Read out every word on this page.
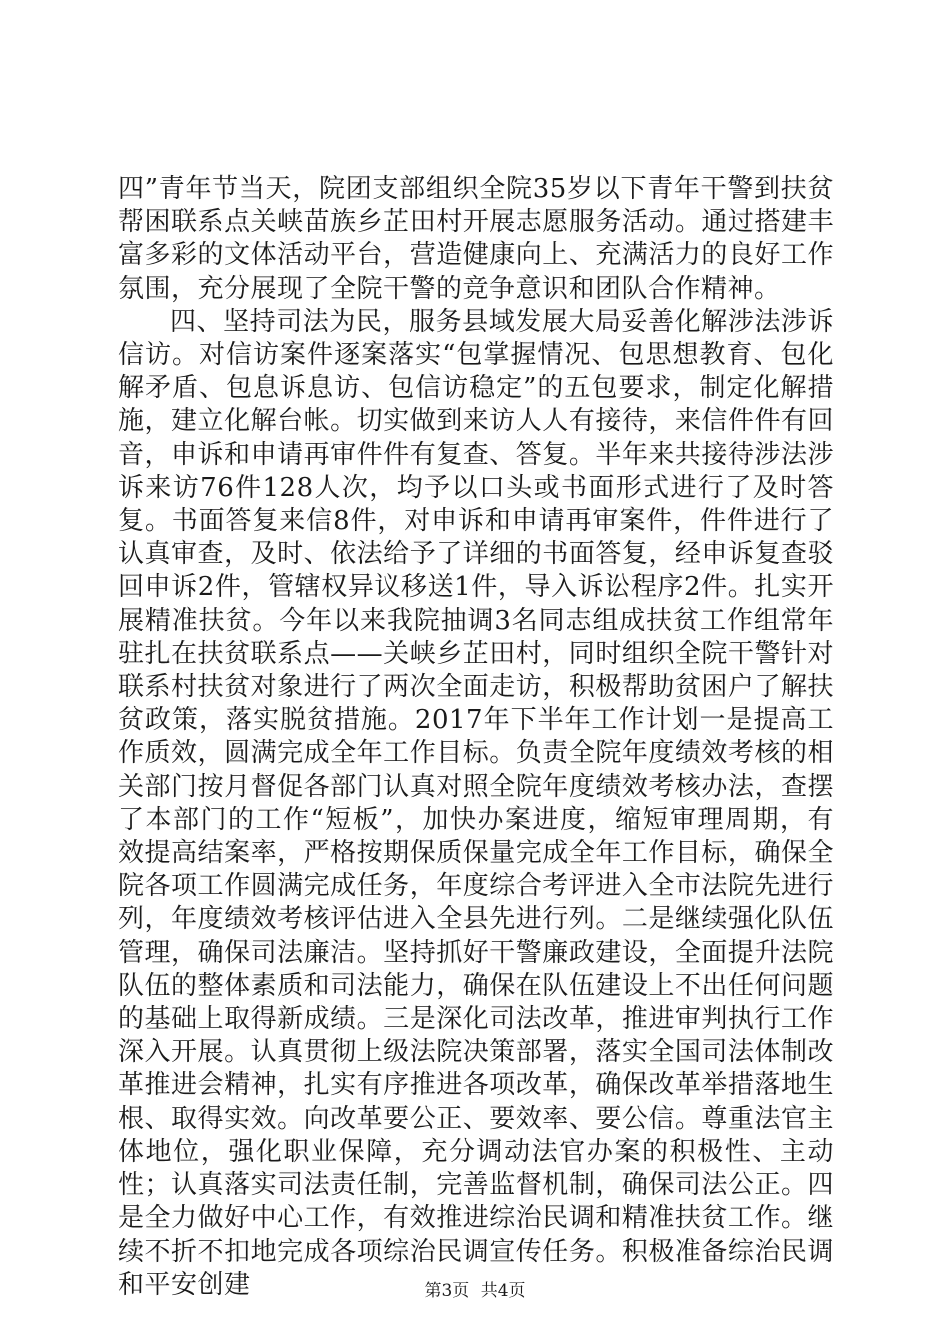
四”青年节当天，院团支部组织全院35岁以下青年干警到扶贫帮困联系点关峡苗族乡芷田村开展志愿服务活动。通过搭建丰富多彩的文体活动平台，营造健康向上、充满活力的良好工作氛围，充分展现了全院干警的竞争意识和团队合作精神。

四、坚持司法为民，服务县域发展大局妥善化解涉法涉诉信访。对信访案件逐案落实“包掌握情况、包思想教育、包化解矛盾、包息诉息访、包信访稳定”的五包要求，制定化解措施，建立化解台帐。切实做到来访人人有接待，来信件件有回音，申诉和申请再审件件有复查、答复。半年来共接待涉法涉诉来访76件128人次，均予以口头或书面形式进行了及时答复。书面答复来信8件，对申诉和申请再审案件，件件进行了认真审查，及时、依法给予了详细的书面答复，经申诉复查驳回申诉2件，管辖权异议移送1件，导入诉讼程序2件。扎实开展精准扶贫。今年以来我院抽调3名同志组成扶贫工作组常年驻扎在扶贫联系点——关峡乡芷田村，同时组织全院干警针对联系村扶贫对象进行了两次全面走访，积极帮助贫困户了解扶贫政策，落实脱贫措施。2017年下半年工作计划一是提高工作质效，圆满完成全年工作目标。负责全院年度绩效考核的相关部门按月督促各部门认真对照全院年度绩效考核办法，查摆了本部门的工作“短板”，加快办案进度，缩短审理周期，有效提高结案率，严格按期保质保量完成全年工作目标，确保全院各项工作圆满完成任务，年度综合考评进入全市法院先进行列，年度绩效考核评估进入全县先进行列。二是继续强化队伍管理，确保司法廉洁。坚持抓好干警廉政建设，全面提升法院队伍的整体素质和司法能力，确保在队伍建设上不出任何问题的基础上取得新成绩。三是深化司法改革，推进审判执行工作深入开展。认真贯彻上级法院决策部署，落实全国司法体制改革推进会精神，扎实有序推进各项改革，确保改革举措落地生根、取得实效。向改革要公正、要效率、要公信。尊重法官主体地位，强化职业保障，充分调动法官办案的积极性、主动性；认真落实司法责任制，完善监督机制，确保司法公正。四是全力做好中心工作，有效推进综治民调和精准扶贫工作。继续不折不扣地完成各项综治民调宣传任务。积极准备综治民调和平安创建	第3页 共4页
